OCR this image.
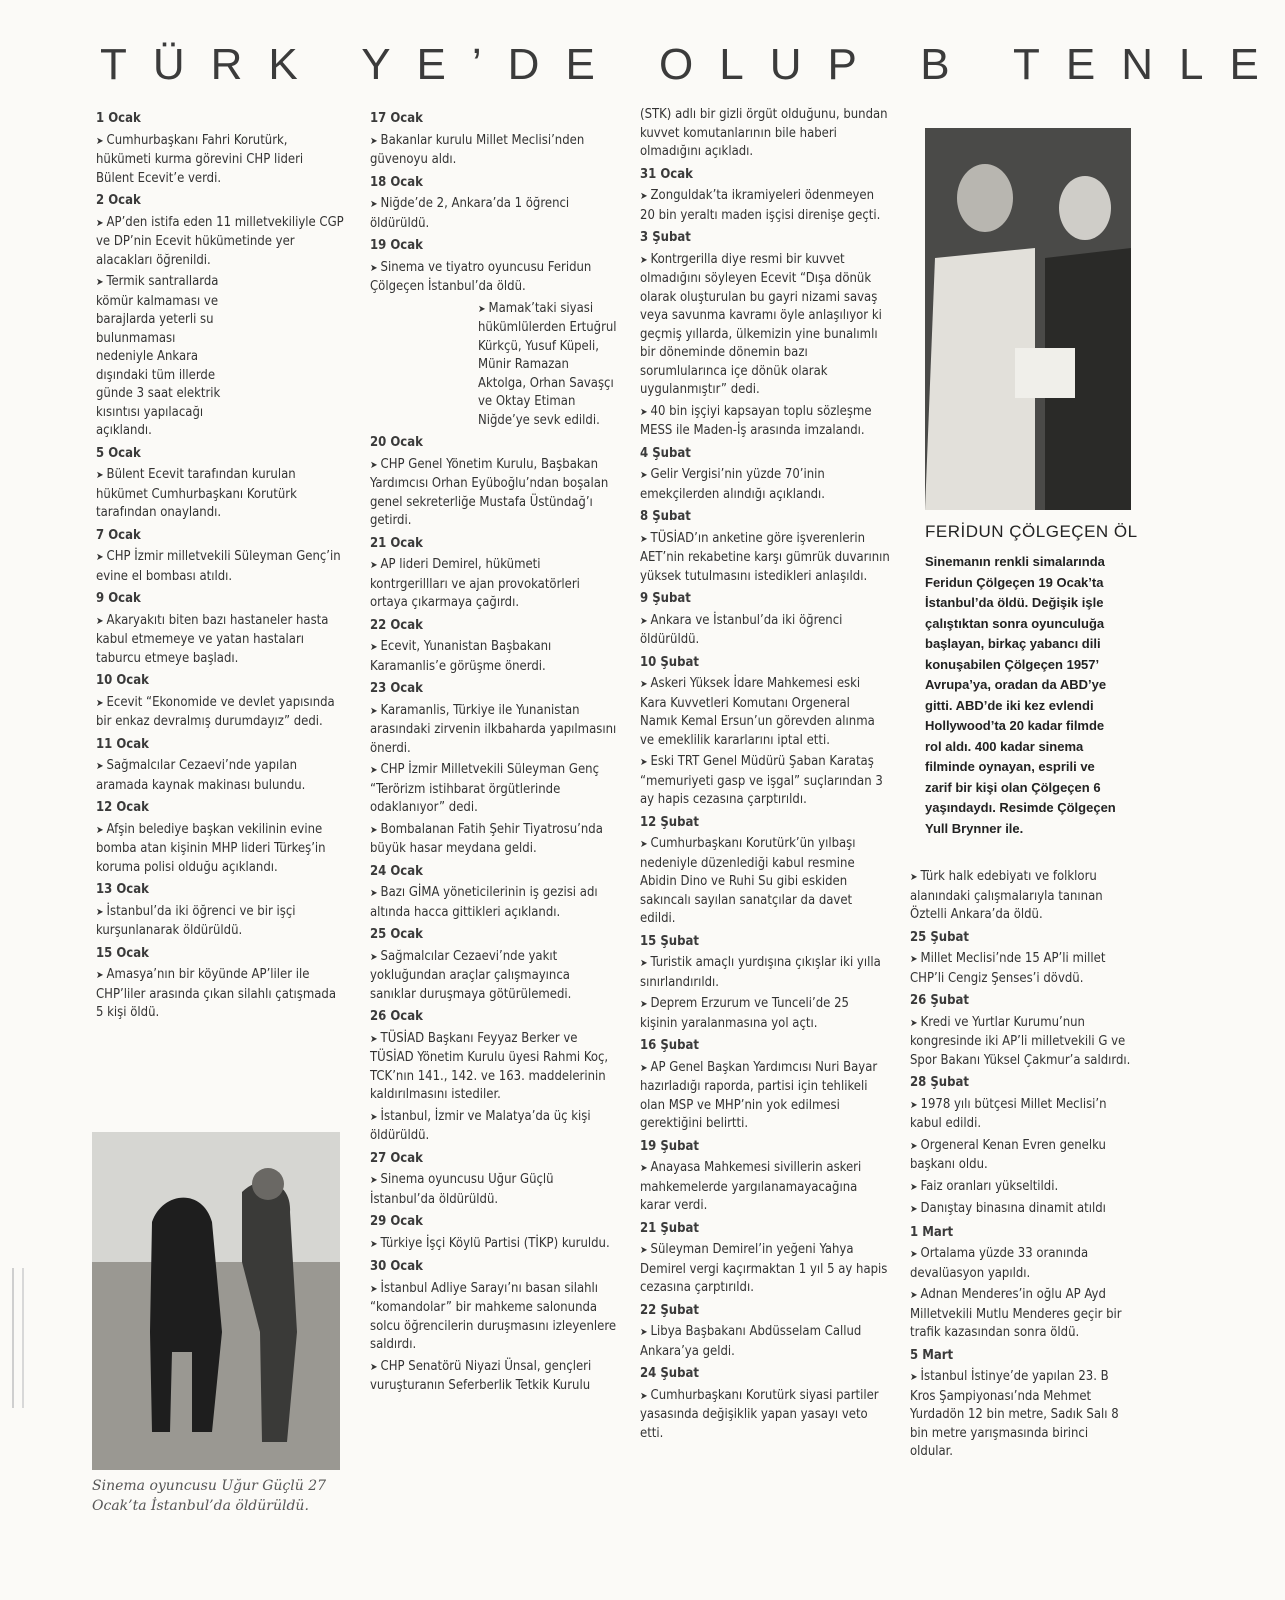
TÜRK YE’DE OLUP B TENLE
1 Ocak
➤ Cumhurbaşkanı Fahri Korutürk, hükümeti kurma görevini CHP lideri Bülent Ecevit’e verdi.
2 Ocak
➤ AP’den istifa eden 11 milletvekiliyle CGP ve DP’nin Ecevit hükümetinde yer alacakları öğrenildi.
➤ Termik santrallarda kömür kalmaması ve barajlarda yeterli su bulunmaması nedeniyle Ankara dışındaki tüm illerde günde 3 saat elektrik kısıntısı yapılacağı açıklandı.
5 Ocak
➤ Bülent Ecevit tarafından kurulan hükümet Cumhurbaşkanı Korutürk tarafından onaylandı.
7 Ocak
➤ CHP İzmir milletvekili Süleyman Genç’in evine el bombası atıldı.
9 Ocak
➤ Akaryakıtı biten bazı hastaneler hasta kabul etmemeye ve yatan hastaları taburcu etmeye başladı.
10 Ocak
➤ Ecevit “Ekonomide ve devlet yapısında bir enkaz devralmış durumdayız” dedi.
11 Ocak
➤ Sağmalcılar Cezaevi’nde yapılan aramada kaynak makinası bulundu.
12 Ocak
➤ Afşin belediye başkan vekilinin evine bomba atan kişinin MHP lideri Türkeş’in koruma polisi olduğu açıklandı.
13 Ocak
➤ İstanbul’da iki öğrenci ve bir işçi kurşunlanarak öldürüldü.
15 Ocak
➤ Amasya’nın bir köyünde AP’liler ile CHP’liler arasında çıkan silahlı çatışmada 5 kişi öldü.
17 Ocak
➤ Bakanlar kurulu Millet Meclisi’nden güvenoyu aldı.
18 Ocak
➤ Niğde’de 2, Ankara’da 1 öğrenci öldürüldü.
19 Ocak
➤ Sinema ve tiyatro oyuncusu Feridun Çölgeçen İstanbul’da öldü.
➤ Mamak’taki siyasi hükümlülerden Ertuğrul Kürkçü, Yusuf Küpeli, Münir Ramazan Aktolga, Orhan Savaşçı ve Oktay Etiman Niğde’ye sevk edildi.
20 Ocak
➤ CHP Genel Yönetim Kurulu, Başbakan Yardımcısı Orhan Eyüboğlu’ndan boşalan genel sekreterliğe Mustafa Üstündağ’ı getirdi.
21 Ocak
➤ AP lideri Demirel, hükümeti kontrgerillları ve ajan provokatörleri ortaya çıkarmaya çağırdı.
22 Ocak
➤ Ecevit, Yunanistan Başbakanı Karamanlis’e görüşme önerdi.
23 Ocak
➤ Karamanlis, Türkiye ile Yunanistan arasındaki zirvenin ilkbaharda yapılmasını önerdi.
➤ CHP İzmir Milletvekili Süleyman Genç “Terörizm istihbarat örgütlerinde odaklanıyor” dedi.
➤ Bombalanan Fatih Şehir Tiyatrosu’nda büyük hasar meydana geldi.
24 Ocak
➤ Bazı GİMA yöneticilerinin iş gezisi adı altında hacca gittikleri açıklandı.
25 Ocak
➤ Sağmalcılar Cezaevi’nde yakıt yokluğundan araçlar çalışmayınca sanıklar duruşmaya götürülemedi.
26 Ocak
➤ TÜSİAD Başkanı Feyyaz Berker ve TÜSİAD Yönetim Kurulu üyesi Rahmi Koç, TCK’nın 141., 142. ve 163. maddelerinin kaldırılmasını istediler.
➤ İstanbul, İzmir ve Malatya’da üç kişi öldürüldü.
27 Ocak
➤ Sinema oyuncusu Uğur Güçlü İstanbul’da öldürüldü.
29 Ocak
➤ Türkiye İşçi Köylü Partisi (TİKP) kuruldu.
30 Ocak
➤ İstanbul Adliye Sarayı’nı basan silahlı “komandolar” bir mahkeme salonunda solcu öğrencilerin duruşmasını izleyenlere saldırdı.
➤ CHP Senatörü Niyazi Ünsal, gençleri vuruşturanın Seferberlik Tetkik Kurulu
(STK) adlı bir gizli örgüt olduğunu, bundan kuvvet komutanlarının bile haberi olmadığını açıkladı.
31 Ocak
➤ Zonguldak’ta ikramiyeleri ödenmeyen 20 bin yeraltı maden işçisi direnişe geçti.
3 Şubat
➤ Kontrgerilla diye resmi bir kuvvet olmadığını söyleyen Ecevit “Dışa dönük olarak oluşturulan bu gayri nizami savaş veya savunma kavramı öyle anlaşılıyor ki geçmiş yıllarda, ülkemizin yine bunalımlı bir döneminde dönemin bazı sorumlularınca içe dönük olarak uygulanmıştır” dedi.
➤ 40 bin işçiyi kapsayan toplu sözleşme MESS ile Maden-İş arasında imzalandı.
4 Şubat
➤ Gelir Vergisi’nin yüzde 70’inin emekçilerden alındığı açıklandı.
8 Şubat
➤ TÜSİAD’ın anketine göre işverenlerin AET’nin rekabetine karşı gümrük duvarının yüksek tutulmasını istedikleri anlaşıldı.
9 Şubat
➤ Ankara ve İstanbul’da iki öğrenci öldürüldü.
10 Şubat
➤ Askeri Yüksek İdare Mahkemesi eski Kara Kuvvetleri Komutanı Orgeneral Namık Kemal Ersun’un görevden alınma ve emeklilik kararlarını iptal etti.
➤ Eski TRT Genel Müdürü Şaban Karataş “memuriyeti gasp ve işgal” suçlarından 3 ay hapis cezasına çarptırıldı.
12 Şubat
➤ Cumhurbaşkanı Korutürk’ün yılbaşı nedeniyle düzenlediği kabul resmine Abidin Dino ve Ruhi Su gibi eskiden sakıncalı sayılan sanatçılar da davet edildi.
15 Şubat
➤ Turistik amaçlı yurdışına çıkışlar iki yılla sınırlandırıldı.
➤ Deprem Erzurum ve Tunceli’de 25 kişinin yaralanmasına yol açtı.
16 Şubat
➤ AP Genel Başkan Yardımcısı Nuri Bayar hazırladığı raporda, partisi için tehlikeli olan MSP ve MHP’nin yok edilmesi gerektiğini belirtti.
19 Şubat
➤ Anayasa Mahkemesi sivillerin askeri mahkemelerde yargılanamayacağına karar verdi.
21 Şubat
➤ Süleyman Demirel’in yeğeni Yahya Demirel vergi kaçırmaktan 1 yıl 5 ay hapis cezasına çarptırıldı.
22 Şubat
➤ Libya Başbakanı Abdüsselam Callud Ankara’ya geldi.
24 Şubat
➤ Cumhurbaşkanı Korutürk siyasi partiler yasasında değişiklik yapan yasayı veto etti.
➤ Türk halk edebiyatı ve folkloru alanındaki çalışmalarıyla tanınan Öztelli Ankara’da öldü.
25 Şubat
➤ Millet Meclisi’nde 15 AP’li millet CHP’li Cengiz Şenses’i dövdü.
26 Şubat
➤ Kredi ve Yurtlar Kurumu’nun kongresinde iki AP’li milletvekili G ve Spor Bakanı Yüksel Çakmur’a saldırdı.
28 Şubat
➤ 1978 yılı bütçesi Millet Meclisi’n kabul edildi.
➤ Orgeneral Kenan Evren genelku başkanı oldu.
➤ Faiz oranları yükseltildi.
➤ Danıştay binasına dinamit atıldı
1 Mart
➤ Ortalama yüzde 33 oranında devalüasyon yapıldı.
➤ Adnan Menderes’in oğlu AP Ayd Milletvekili Mutlu Menderes geçir bir trafik kazasından sonra öldü.
5 Mart
➤ İstanbul İstinye’de yapılan 23. B Kros Şampiyonası’nda Mehmet Yurdadön 12 bin metre, Sadık Salı 8 bin metre yarışmasında birinci oldular.
Sinema oyuncusu Uğur Güçlü 27 Ocak’ta İstanbul’da öldürüldü.
FERİDUN ÇÖLGEÇEN ÖL
Sinemanın renkli simalarında
Feridun Çölgeçen 19 Ocak’ta
İstanbul’da öldü. Değişik işle
çalıştıktan sonra oyunculuğa
başlayan, birkaç yabancı dili
konuşabilen Çölgeçen 1957’
Avrupa’ya, oradan da ABD’ye
gitti. ABD’de iki kez evlendi
Hollywood’ta 20 kadar filmde
rol aldı. 400 kadar sinema
filminde oynayan, esprili ve
zarif bir kişi olan Çölgeçen 6
yaşındaydı. Resimde Çölgeçen
Yull Brynner ile.
